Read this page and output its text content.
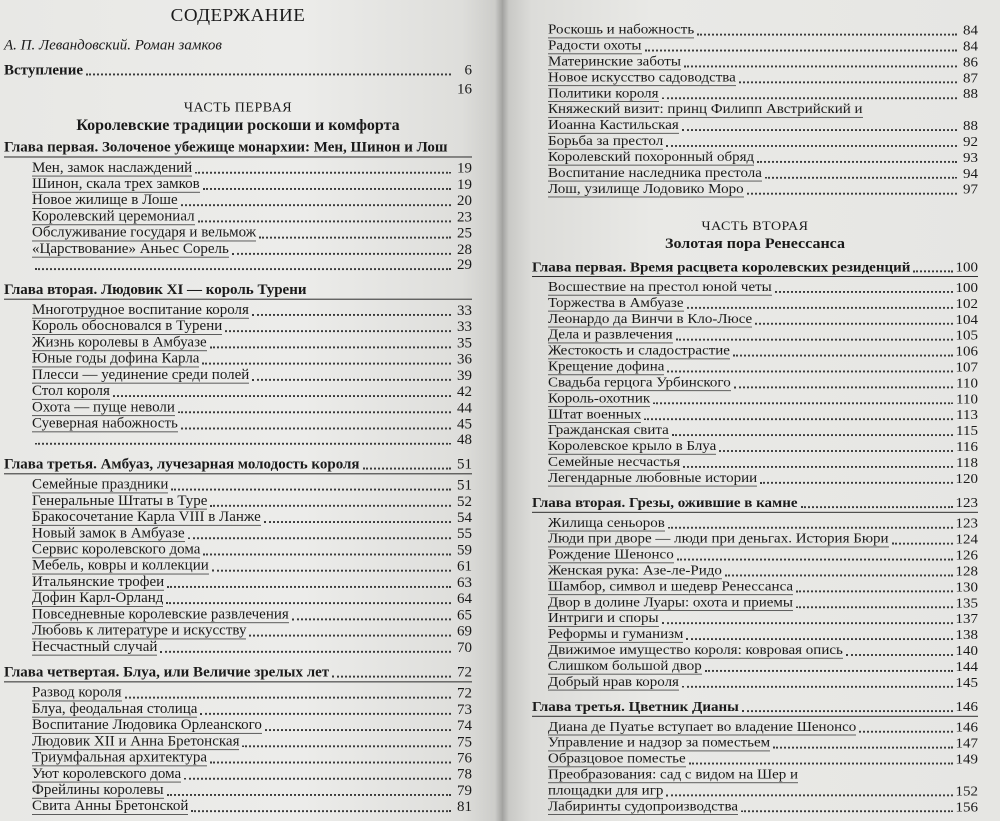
СОДЕРЖАНИЕ
А. П. Левандовский. Роман замков
Вступление	6
16
ЧАСТЬ ПЕРВАЯ
Королевские традиции роскоши и комфорта
Глава первая. Золоченое убежище монархии: Мен, Шинон и Лош
Мен, замок наслаждений	19
Шинон, скала трех замков	19
Новое жилище в Лоше	20
Королевский церемониал	23
Обслуживание государя и вельмож	25
«Царствование» Аньес Сорель	28
29
Глава вторая. Людовик XI — король Турени
Многотрудное воспитание короля	33
Король обосновался в Турени	33
Жизнь королевы в Амбуазе	35
Юные годы дофина Карла	36
Плесси — уединение среди полей	39
Стол короля	42
Охота — пуще неволи	44
Суеверная набожность	45
48
Глава третья. Амбуаз, лучезарная молодость короля	51
Семейные праздники	51
Генеральные Штаты в Туре	52
Бракосочетание Карла VIII в Ланже	54
Новый замок в Амбуазе	55
Сервис королевского дома	59
Мебель, ковры и коллекции	61
Итальянские трофеи	63
Дофин Карл-Орланд	64
Повседневные королевские развлечения	65
Любовь к литературе и искусству	69
Несчастный случай	70
Глава четвертая. Блуа, или Величие зрелых лет	72
Развод короля	72
Блуа, феодальная столица	73
Воспитание Людовика Орлеанского	74
Людовик XII и Анна Бретонская	75
Триумфальная архитектура	76
Уют королевского дома	78
Фрейлины королевы	79
Свита Анны Бретонской	81
Роскошь и набожность	84
Радости охоты	84
Материнские заботы	86
Новое искусство садоводства	87
Политики короля	88
Княжеский визит: принц Филипп Австрийский и
Иоанна Кастильская	88
Борьба за престол	92
Королевский похоронный обряд	93
Воспитание наследника престола	94
Лош, узилище Лодовико Моро	97
ЧАСТЬ ВТОРАЯ
Золотая пора Ренессанса
Глава первая. Время расцвета королевских резиденций	100
Восшествие на престол юной четы	100
Торжества в Амбуазе	102
Леонардо да Винчи в Кло-Люсе	104
Дела и развлечения	105
Жестокость и сладострастие	106
Крещение дофина	107
Свадьба герцога Урбинского	110
Король-охотник	110
Штат военных	113
Гражданская свита	115
Королевское крыло в Блуа	116
Семейные несчастья	118
Легендарные любовные истории	120
Глава вторая. Грезы, ожившие в камне	123
Жилища сеньоров	123
Люди при дворе — люди при деньгах. История Бюри	124
Рождение Шенонсо	126
Женская рука: Азе-ле-Ридо	128
Шамбор, символ и шедевр Ренессанса	130
Двор в долине Луары: охота и приемы	135
Интриги и споры	137
Реформы и гуманизм	138
Движимое имущество короля: ковровая опись	140
Слишком большой двор	144
Добрый нрав короля	145
Глава третья. Цветник Дианы	146
Диана де Пуатье вступает во владение Шенонсо	146
Управление и надзор за поместьем	147
Образцовое поместье	149
Преобразования: сад с видом на Шер и
площадки для игр	152
Лабиринты судопроизводства	156
